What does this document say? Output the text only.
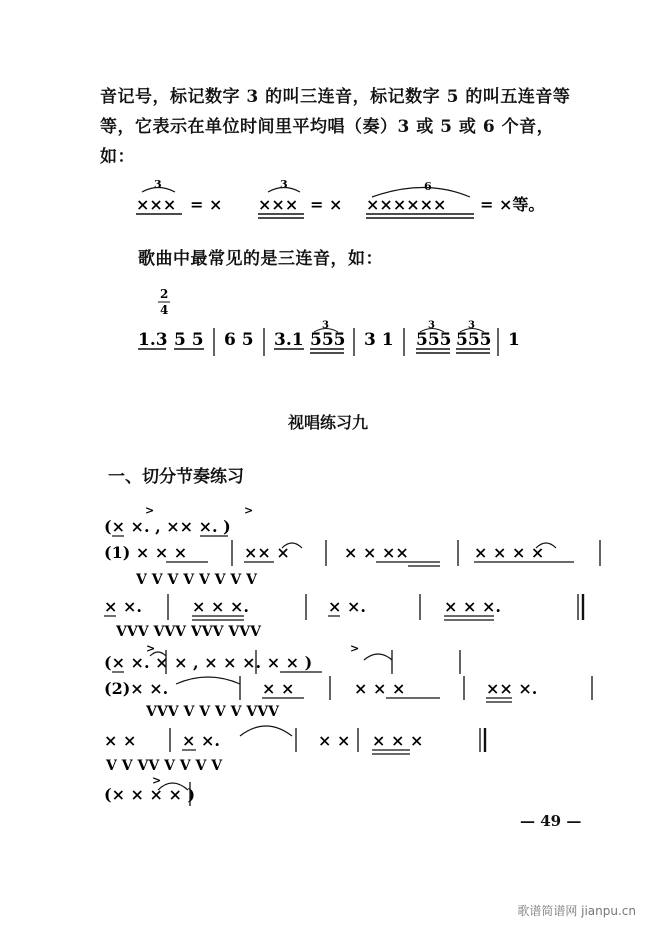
音记号，标记数字 3 的叫三连音，标记数字 5 的叫五连音等
等，它表示在单位时间里平均唱（奏）3 或 5 或 6 个音，
如：
3
××× = ×
3
××× = ×
6
×××××× = ×等。
2
4
1.3 5 5 6 5 3.1
3
555 3 1
3
555
3
555 1
(× ×. , ×× ×. )
>	>
(1) × × ×	×× ×	× × ××	× × × ×
V V V V V V V V
× ×.	× × ×.	× ×.	× × ×.
VVV VVV VVV VVV
(× ×. × × , × × ×. × × )
>	>
(2)× ×.	× ×	× × ×	×× ×.
VVV V V V V VVV
× ×	× ×.	× × × × ×
V V VV V V V V
(× × × × )
>
歌曲中最常见的是三连音，如：
视唱练习九
一、切分节奏练习
— 49 —
歌谱简谱网 jianpu.cn
